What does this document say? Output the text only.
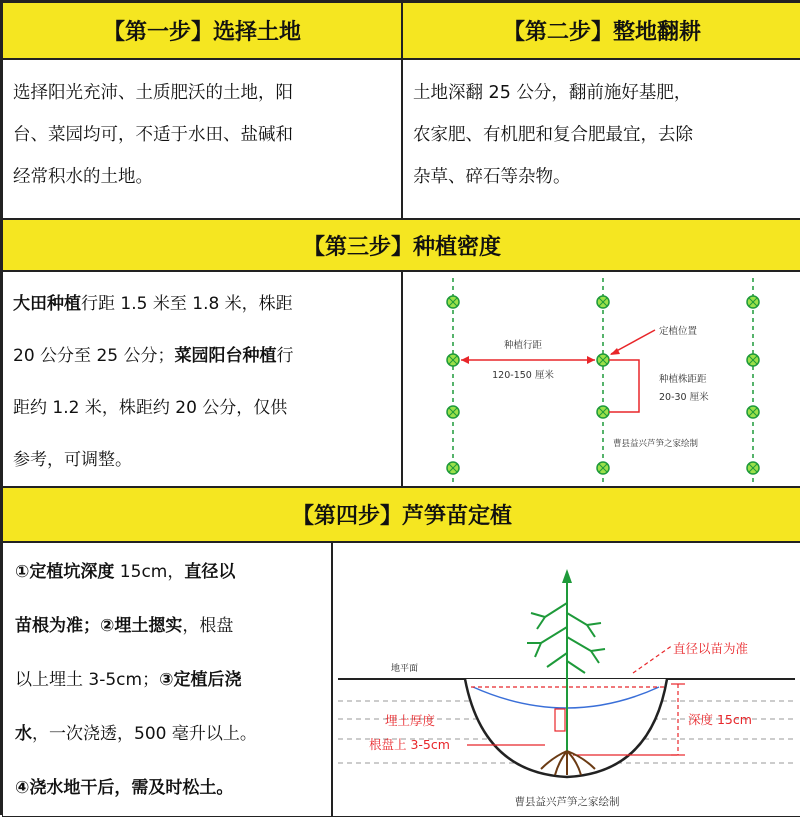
【第一步】选择土地	【第二步】整地翻耕

选择阳光充沛、土质肥沃的土地，阳

台、菜园均可，不适于水田、盐碱和

经常积水的土地。

土地深翻 25 公分，翻前施好基肥，

农家肥、有机肥和复合肥最宜，去除

杂草、碎石等杂物。

【第三步】种植密度

大田种植行距 1.5 米至 1.8 米，株距

20 公分至 25 公分；菜园阳台种植行

距约 1.2 米，株距约 20 公分，仅供

参考，可调整。

种植行距
120-150 厘米
定植位置
种植株距距
20-30 厘米
曹县益兴芦笋之家绘制
【第四步】芦笋苗定植

①定植坑深度 15cm，直径以

苗根为准；②埋土摁实，根盘

以上埋土 3-5cm；③定植后浇

水，一次浇透，500 毫升以上。

④浇水地干后，需及时松土。

地平面
直径以苗为准
深度 15cm
埋土厚度
根盘上 3-5cm
曹县益兴芦笋之家绘制
